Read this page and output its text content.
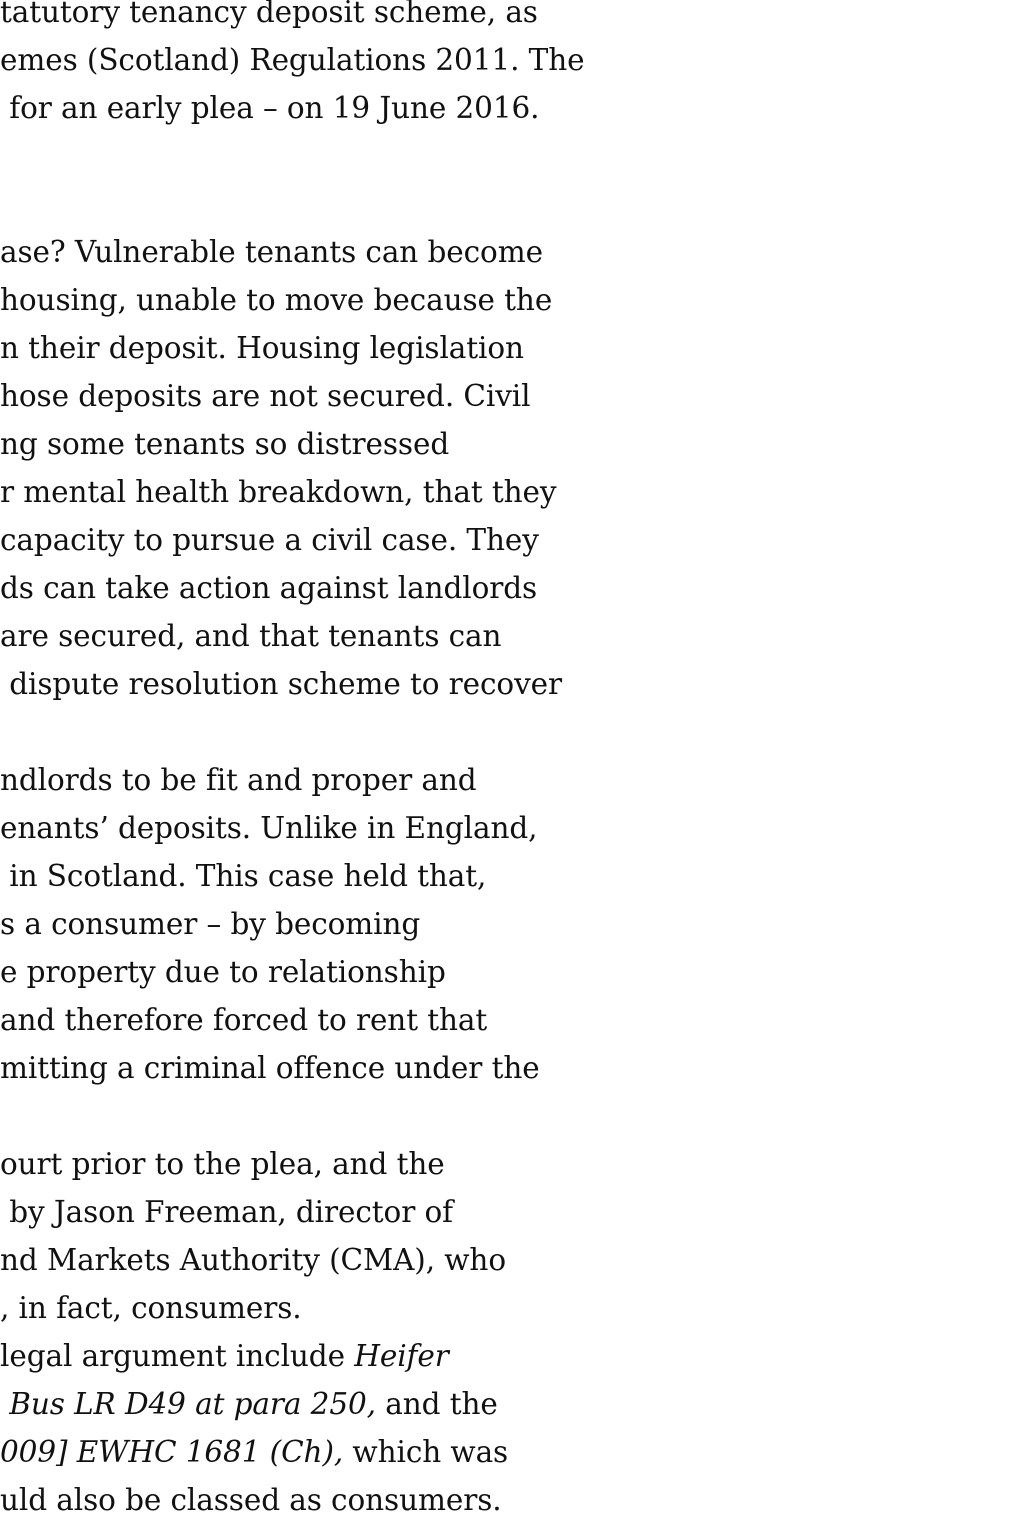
tatutory tenancy deposit scheme, as
emes (Scotland) Regulations 2011. The
for an early plea – on 19 June 2016.
ase? Vulnerable tenants can become
housing, unable to move because the
n their deposit. Housing legislation
hose deposits are not secured. Civil
ng some tenants so distressed
r mental health breakdown, that they
capacity to pursue a civil case. They
ds can take action against landlords
are secured, and that tenants can
dispute resolution scheme to recover
ndlords to be fit and proper and
enants’ deposits. Unlike in England,
in Scotland. This case held that,
s a consumer – by becoming
e property due to relationship
and therefore forced to rent that
mitting a criminal offence under the
ourt prior to the plea, and the
by Jason Freeman, director of
nd Markets Authority (CMA), who
, in fact, consumers.
legal argument include Heifer
Bus LR D49 at para 250, and the
009] EWHC 1681 (Ch), which was
uld also be classed as consumers.
